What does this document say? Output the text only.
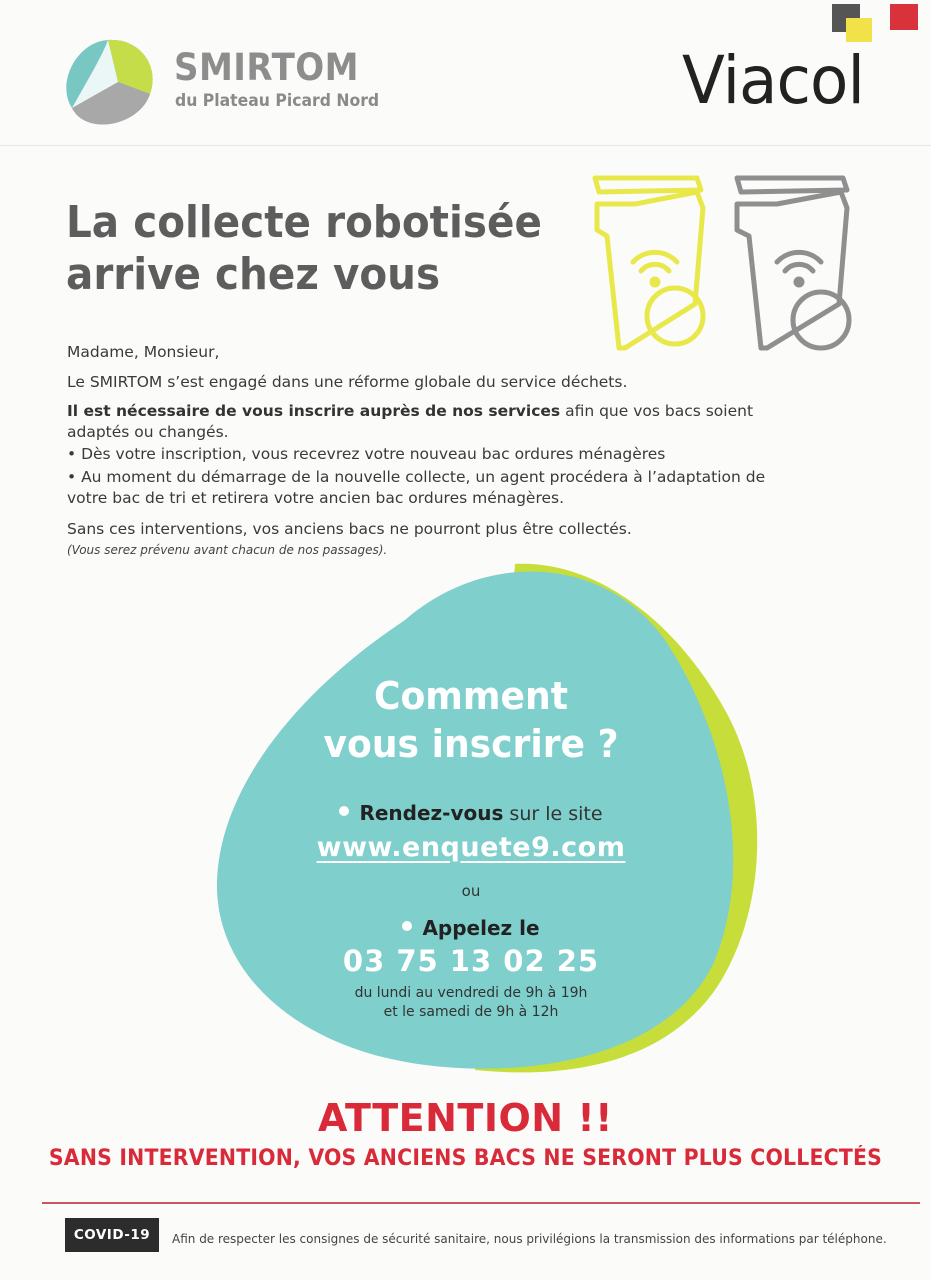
SMIRTOM
du Plateau Picard Nord	Viacol
La collecte robotisée
arrive chez vous
Madame, Monsieur,
Le SMIRTOM s’est engagé dans une réforme globale du service déchets.
Il est nécessaire de vous inscrire auprès de nos services afin que vos bacs soient adaptés ou changés.
• Dès votre inscription, vous recevrez votre nouveau bac ordures ménagères
• Au moment du démarrage de la nouvelle collecte, un agent procédera à l’adaptation de votre bac de tri et retirera votre ancien bac ordures ménagères.
Sans ces interventions, vos anciens bacs ne pourront plus être collectés.
(Vous serez prévenu avant chacun de nos passages).
Comment
vous inscrire ?
Rendez-vous sur le site
www.enquete9.com
ou
Appelez le
03 75 13 02 25
du lundi au vendredi de 9h à 19h
et le samedi de 9h à 12h
ATTENTION !!
SANS INTERVENTION, VOS ANCIENS BACS NE SERONT PLUS COLLECTÉS
COVID-19	Afin de respecter les consignes de sécurité sanitaire, nous privilégions la transmission des informations par téléphone.
